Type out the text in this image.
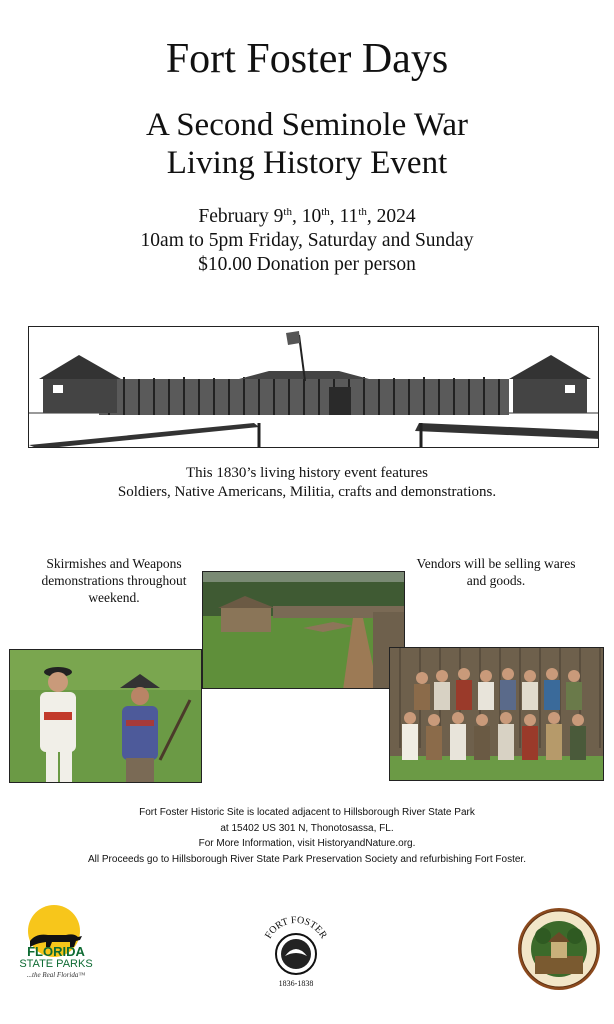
Fort Foster Days
A Second Seminole War
Living History Event
February 9th, 10th, 11th, 2024
10am to 5pm Friday, Saturday and Sunday
$10.00 Donation per person
This 1830’s living history event features
Soldiers, Native Americans, Militia, crafts and demonstrations.
Skirmishes and Weapons demonstrations throughout weekend.
Vendors will be selling wares and goods.
Fort Foster Historic Site is located adjacent to Hillsborough River State Park
at 15402 US 301 N, Thonotosassa, FL.
For More Information, visit HistoryandNature.org.
All Proceeds go to Hillsborough River State Park Preservation Society and refurbishing Fort Foster.
FLORIDA
STATE PARKS
...the Real Florida™
FORT FOSTER
1836-1838
